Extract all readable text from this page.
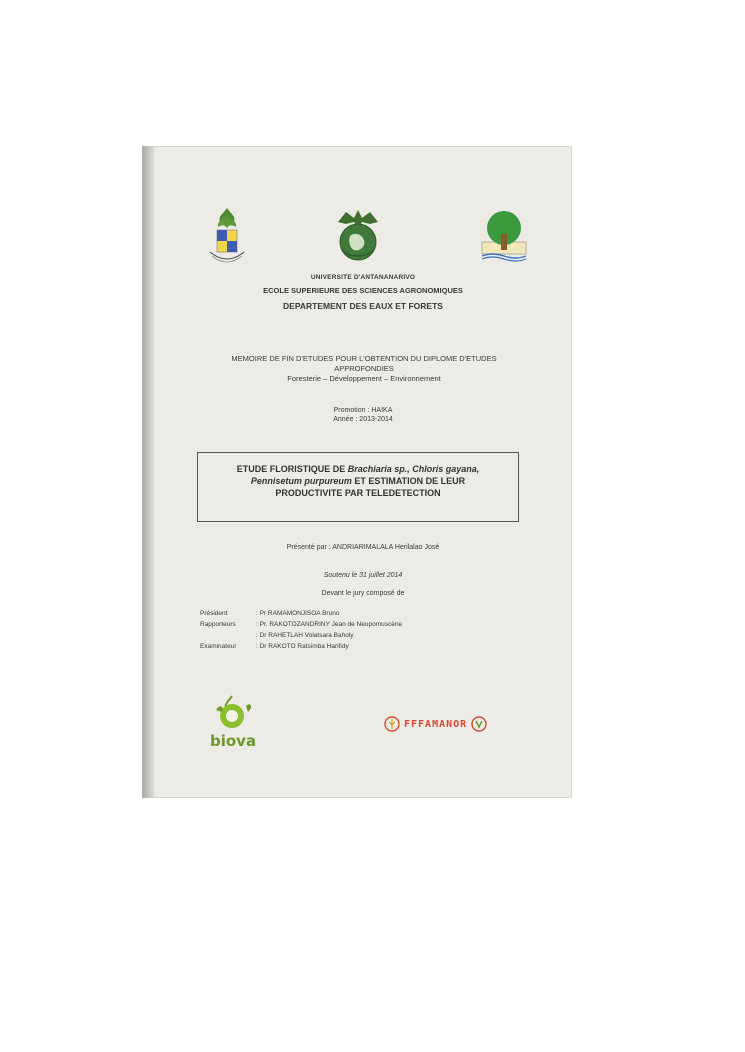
UNIVERSITE D'ANTANANARIVO
ECOLE SUPERIEURE DES SCIENCES AGRONOMIQUES
DEPARTEMENT DES EAUX ET FORETS
MEMOIRE DE FIN D'ETUDES POUR L'OBTENTION DU DIPLOME D'ETUDES
APPROFONDIES
Foresterie – Développement – Environnement
Promotion : HAIKA
Année : 2013-2014
ETUDE FLORISTIQUE DE Brachiaria sp., Chloris gayana,
Pennisetum purpureum ET ESTIMATION DE LEUR
PRODUCTIVITE PAR TELEDETECTION
Présenté par : ANDRIARIMALALA Herilalao José
Soutenu le 31 juillet 2014
Devant le jury composé de
Président	: Pr RAMAMONJISOA Bruno
Rapporteurs	: Pr. RAKOTOZANDRINY Jean de Neupomuscène
: Dr RAHETLAH Volatsara Baholy
Examinateur	: Dr RAKOTO Ratsimba Harifidy
biova
FFFAMANOR
